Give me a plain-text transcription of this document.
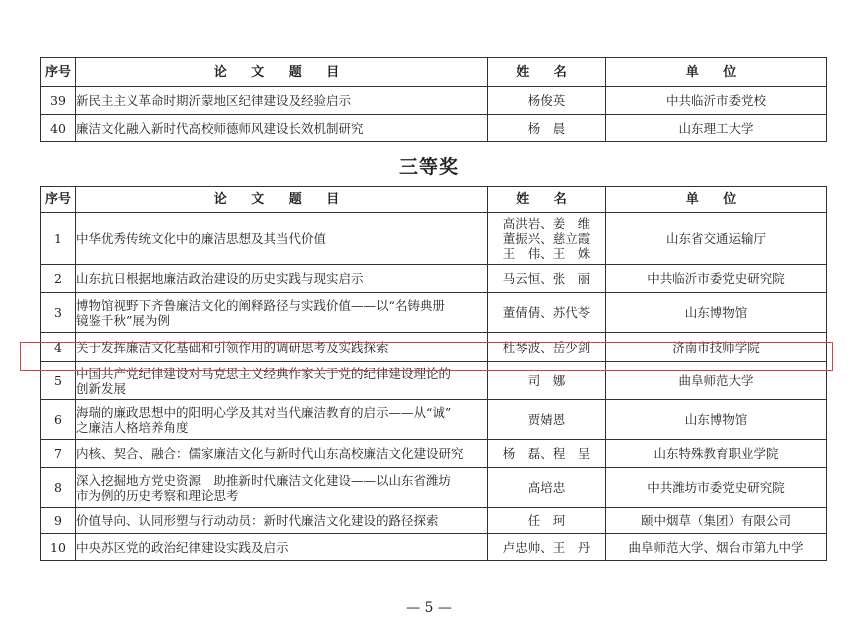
序号	论 文 题 目	姓 名	单 位
39	新民主主义革命时期沂蒙地区纪律建设及经验启示	杨俊英	中共临沂市委党校
40	廉洁文化融入新时代高校师德师风建设长效机制研究	杨　晨	山东理工大学
三等奖
序号	论 文 题 目	姓 名	单 位
1	中华优秀传统文化中的廉洁思想及其当代价值	高洪岩、姜　维
董振兴、慈立霞
王　伟、王　姝	山东省交通运输厅
2	山东抗日根据地廉洁政治建设的历史实践与现实启示	马云恒、张　丽	中共临沂市委党史研究院
3	博物馆视野下齐鲁廉洁文化的阐释路径与实践价值——以“名铸典册
镜鉴千秋”展为例	董倩倩、苏代苓	山东博物馆
4	关于发挥廉洁文化基础和引领作用的调研思考及实践探索	杜琴波、岳少剑	济南市技师学院
5	中国共产党纪律建设对马克思主义经典作家关于党的纪律建设理论的
创新发展	司　娜	曲阜师范大学
6	海瑞的廉政思想中的阳明心学及其对当代廉洁教育的启示——从“诚”
之廉洁人格培养角度	贾婧恩	山东博物馆
7	内核、契合、融合：儒家廉洁文化与新时代山东高校廉洁文化建设研究	杨　磊、程　呈	山东特殊教育职业学院
8	深入挖掘地方党史资源　助推新时代廉洁文化建设——以山东省潍坊
市为例的历史考察和理论思考	高培忠	中共潍坊市委党史研究院
9	价值导向、认同形塑与行动动员：新时代廉洁文化建设的路径探索	任　珂	颐中烟草（集团）有限公司
10	中央苏区党的政治纪律建设实践及启示	卢忠帅、王　丹	曲阜师范大学、烟台市第九中学
— 5 —
